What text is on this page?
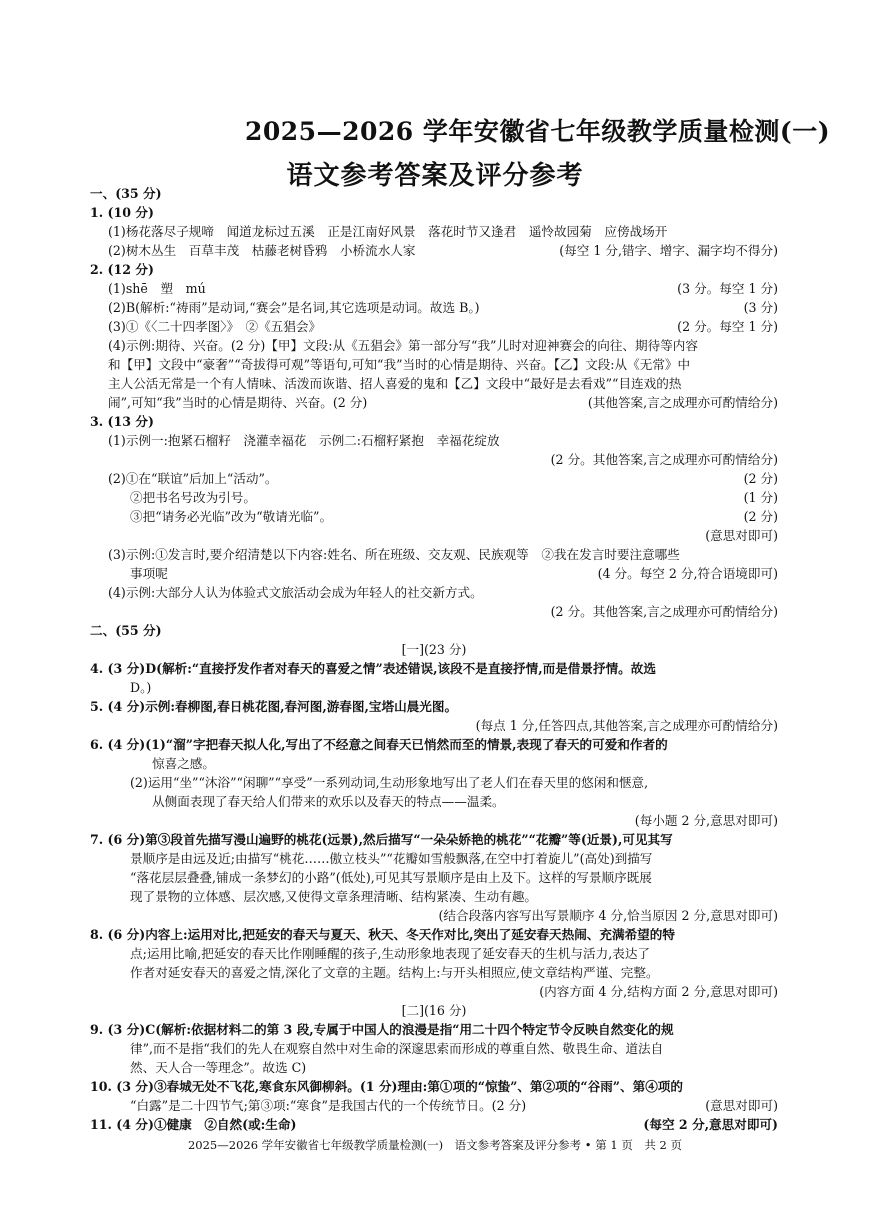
2025—2026 学年安徽省七年级教学质量检测(一)
语文参考答案及评分参考
一、(35 分)
1. (10 分)
(1)杨花落尽子规啼　闻道龙标过五溪　正是江南好风景　落花时节又逢君　遥怜故园菊　应傍战场开
(2)树木丛生　百草丰茂　枯藤老树昏鸦　小桥流水人家	(每空 1 分,错字、增字、漏字均不得分)
2. (12 分)
(1)shē　塑　mú	(3 分。每空 1 分)
(2)B(解析:“祷雨”是动词,“赛会”是名词,其它选项是动词。故选 B。)	(3 分)
(3)①《〈二十四孝图〉》　②《五猖会》	(2 分。每空 1 分)
(4)示例:期待、兴奋。(2 分)【甲】文段:从《五猖会》第一部分写“我”儿时对迎神赛会的向往、期待等内容
和【甲】文段中“豪奢”“奇拔得可观”等语句,可知“我”当时的心情是期待、兴奋。【乙】文段:从《无常》中
主人公活无常是一个有人情味、活泼而诙谐、招人喜爱的鬼和【乙】文段中“最好是去看戏”“目连戏的热
闹”,可知“我”当时的心情是期待、兴奋。(2 分)	(其他答案,言之成理亦可酌情给分)
3. (13 分)
(1)示例一:抱紧石榴籽　浇灌幸福花　示例二:石榴籽紧抱　幸福花绽放
(2 分。其他答案,言之成理亦可酌情给分)
(2)①在“联谊”后加上“活动”。	(2 分)
②把书名号改为引号。	(1 分)
③把“请务必光临”改为“敬请光临”。	(2 分)
(意思对即可)
(3)示例:①发言时,要介绍清楚以下内容:姓名、所在班级、交友观、民族观等　②我在发言时要注意哪些
事项呢	(4 分。每空 2 分,符合语境即可)
(4)示例:大部分人认为体验式文旅活动会成为年轻人的社交新方式。
(2 分。其他答案,言之成理亦可酌情给分)
二、(55 分)
[一](23 分)
4. (3 分)D(解析:“直接抒发作者对春天的喜爱之情”表述错误,该段不是直接抒情,而是借景抒情。故选
D。)
5. (4 分)示例:春柳图,春日桃花图,春河图,游春图,宝塔山晨光图。
(每点 1 分,任答四点,其他答案,言之成理亦可酌情给分)
6. (4 分)(1)“溜”字把春天拟人化,写出了不经意之间春天已悄然而至的情景,表现了春天的可爱和作者的
惊喜之感。
(2)运用“坐”“沐浴”“闲聊”“享受”一系列动词,生动形象地写出了老人们在春天里的悠闲和惬意,
从侧面表现了春天给人们带来的欢乐以及春天的特点——温柔。
(每小题 2 分,意思对即可)
7. (6 分)第③段首先描写漫山遍野的桃花(远景),然后描写“一朵朵娇艳的桃花”“花瓣”等(近景),可见其写
景顺序是由远及近;由描写“桃花……傲立枝头”“花瓣如雪般飘落,在空中打着旋儿”(高处)到描写
“落花层层叠叠,铺成一条梦幻的小路”(低处),可见其写景顺序是由上及下。这样的写景顺序既展
现了景物的立体感、层次感,又使得文章条理清晰、结构紧凑、生动有趣。
(结合段落内容写出写景顺序 4 分,恰当原因 2 分,意思对即可)
8. (6 分)内容上:运用对比,把延安的春天与夏天、秋天、冬天作对比,突出了延安春天热闹、充满希望的特
点;运用比喻,把延安的春天比作刚睡醒的孩子,生动形象地表现了延安春天的生机与活力,表达了
作者对延安春天的喜爱之情,深化了文章的主题。结构上:与开头相照应,使文章结构严谨、完整。
(内容方面 4 分,结构方面 2 分,意思对即可)
[二](16 分)
9. (3 分)C(解析:依据材料二的第 3 段,专属于中国人的浪漫是指“用二十四个特定节令反映自然变化的规
律”,而不是指“我们的先人在观察自然中对生命的深邃思索而形成的尊重自然、敬畏生命、道法自
然、天人合一等理念”。故选 C)
10. (3 分)③春城无处不飞花,寒食东风御柳斜。(1 分)理由:第①项的“惊蛰”、第②项的“谷雨”、第④项的
“白露”是二十四节气;第③项:“寒食”是我国古代的一个传统节日。(2 分)	(意思对即可)
11. (4 分)①健康　②自然(或:生命)	(每空 2 分,意思对即可)
2025—2026 学年安徽省七年级教学质量检测(一)　语文参考答案及评分参考 • 第 1 页　共 2 页
